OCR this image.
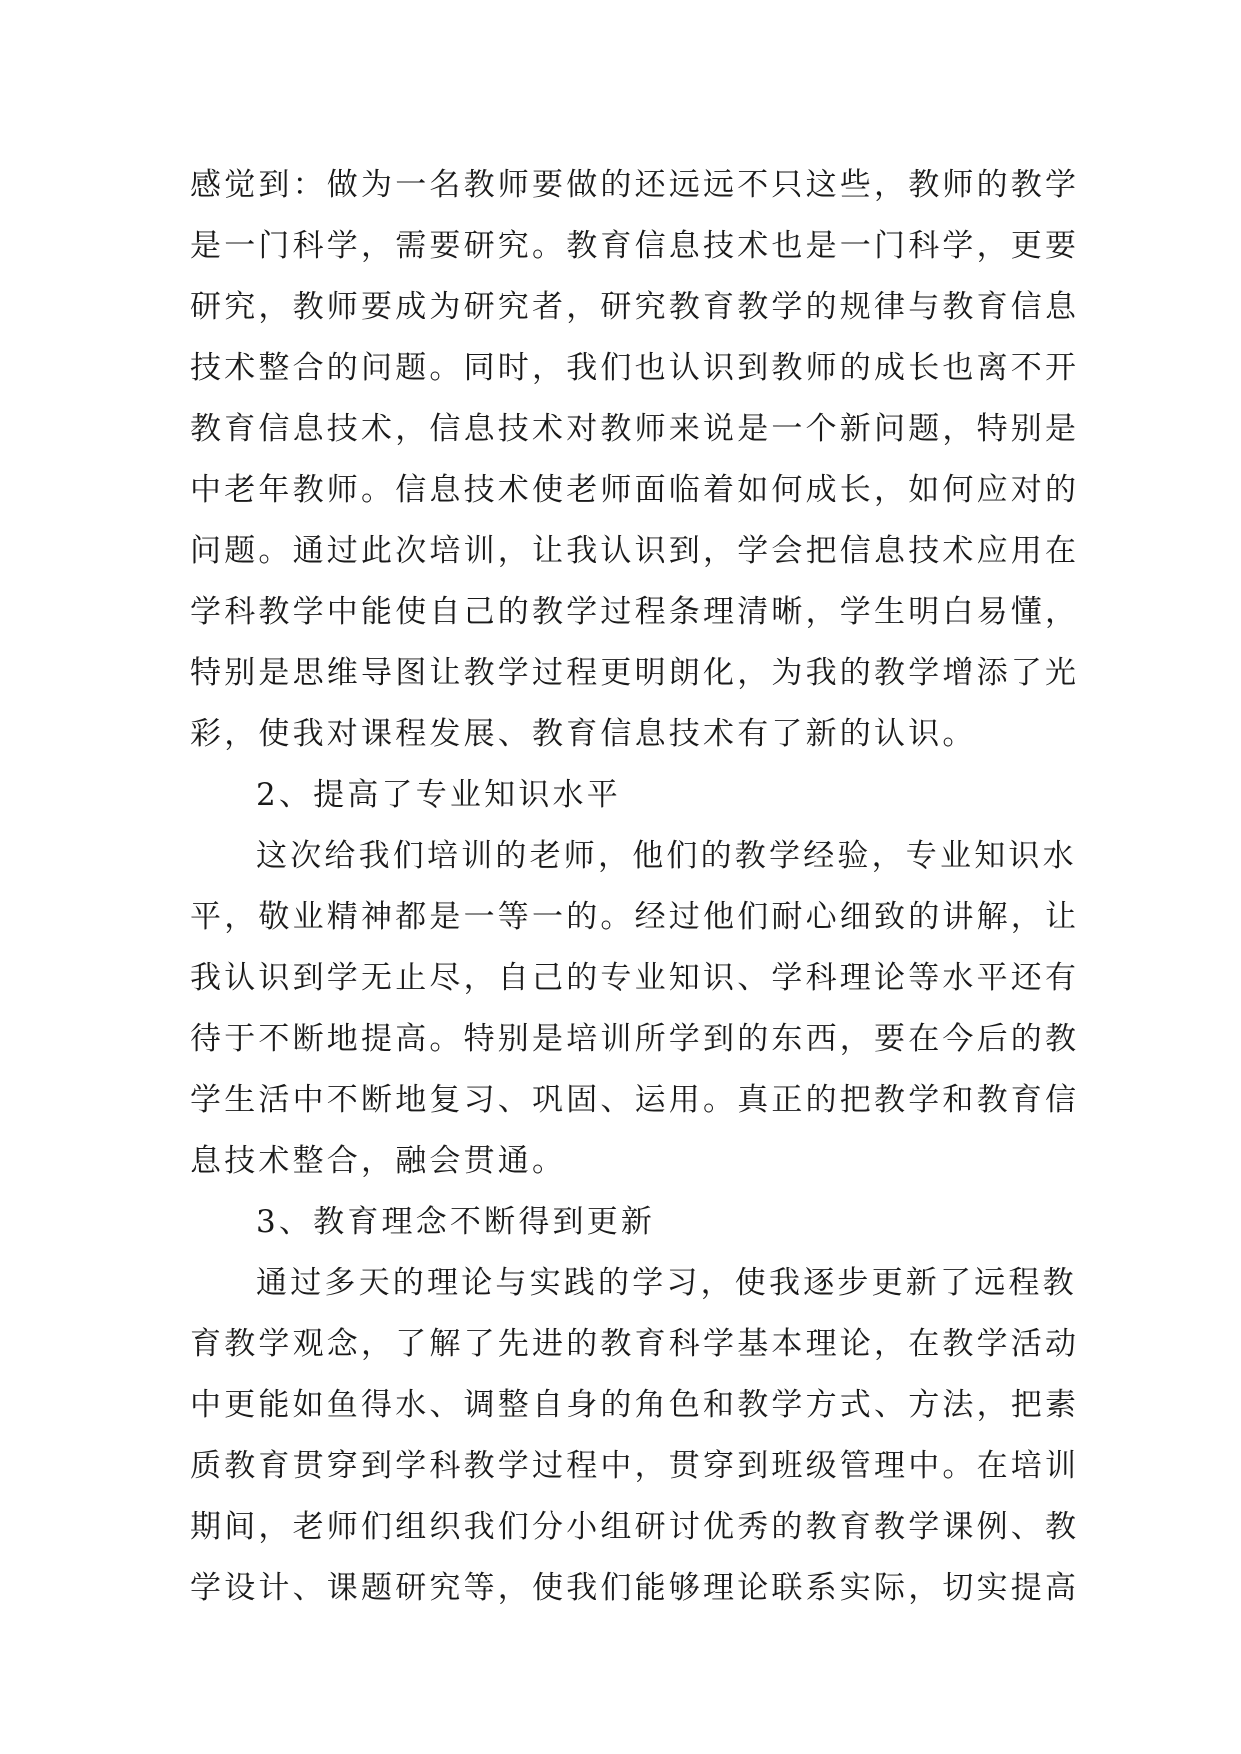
感觉到：做为一名教师要做的还远远不只这些，教师的教学
是一门科学，需要研究。教育信息技术也是一门科学，更要
研究，教师要成为研究者，研究教育教学的规律与教育信息
技术整合的问题。同时，我们也认识到教师的成长也离不开
教育信息技术，信息技术对教师来说是一个新问题，特别是
中老年教师。信息技术使老师面临着如何成长，如何应对的
问题。通过此次培训，让我认识到，学会把信息技术应用在
学科教学中能使自己的教学过程条理清晰，学生明白易懂，
特别是思维导图让教学过程更明朗化，为我的教学增添了光
彩，使我对课程发展、教育信息技术有了新的认识。
2、提高了专业知识水平
这次给我们培训的老师，他们的教学经验，专业知识水
平，敬业精神都是一等一的。经过他们耐心细致的讲解，让
我认识到学无止尽，自己的专业知识、学科理论等水平还有
待于不断地提高。特别是培训所学到的东西，要在今后的教
学生活中不断地复习、巩固、运用。真正的把教学和教育信
息技术整合，融会贯通。
3、教育理念不断得到更新
通过多天的理论与实践的学习，使我逐步更新了远程教
育教学观念，了解了先进的教育科学基本理论，在教学活动
中更能如鱼得水、调整自身的角色和教学方式、方法，把素
质教育贯穿到学科教学过程中，贯穿到班级管理中。在培训
期间，老师们组织我们分小组研讨优秀的教育教学课例、教
学设计、课题研究等，使我们能够理论联系实际，切实提高
